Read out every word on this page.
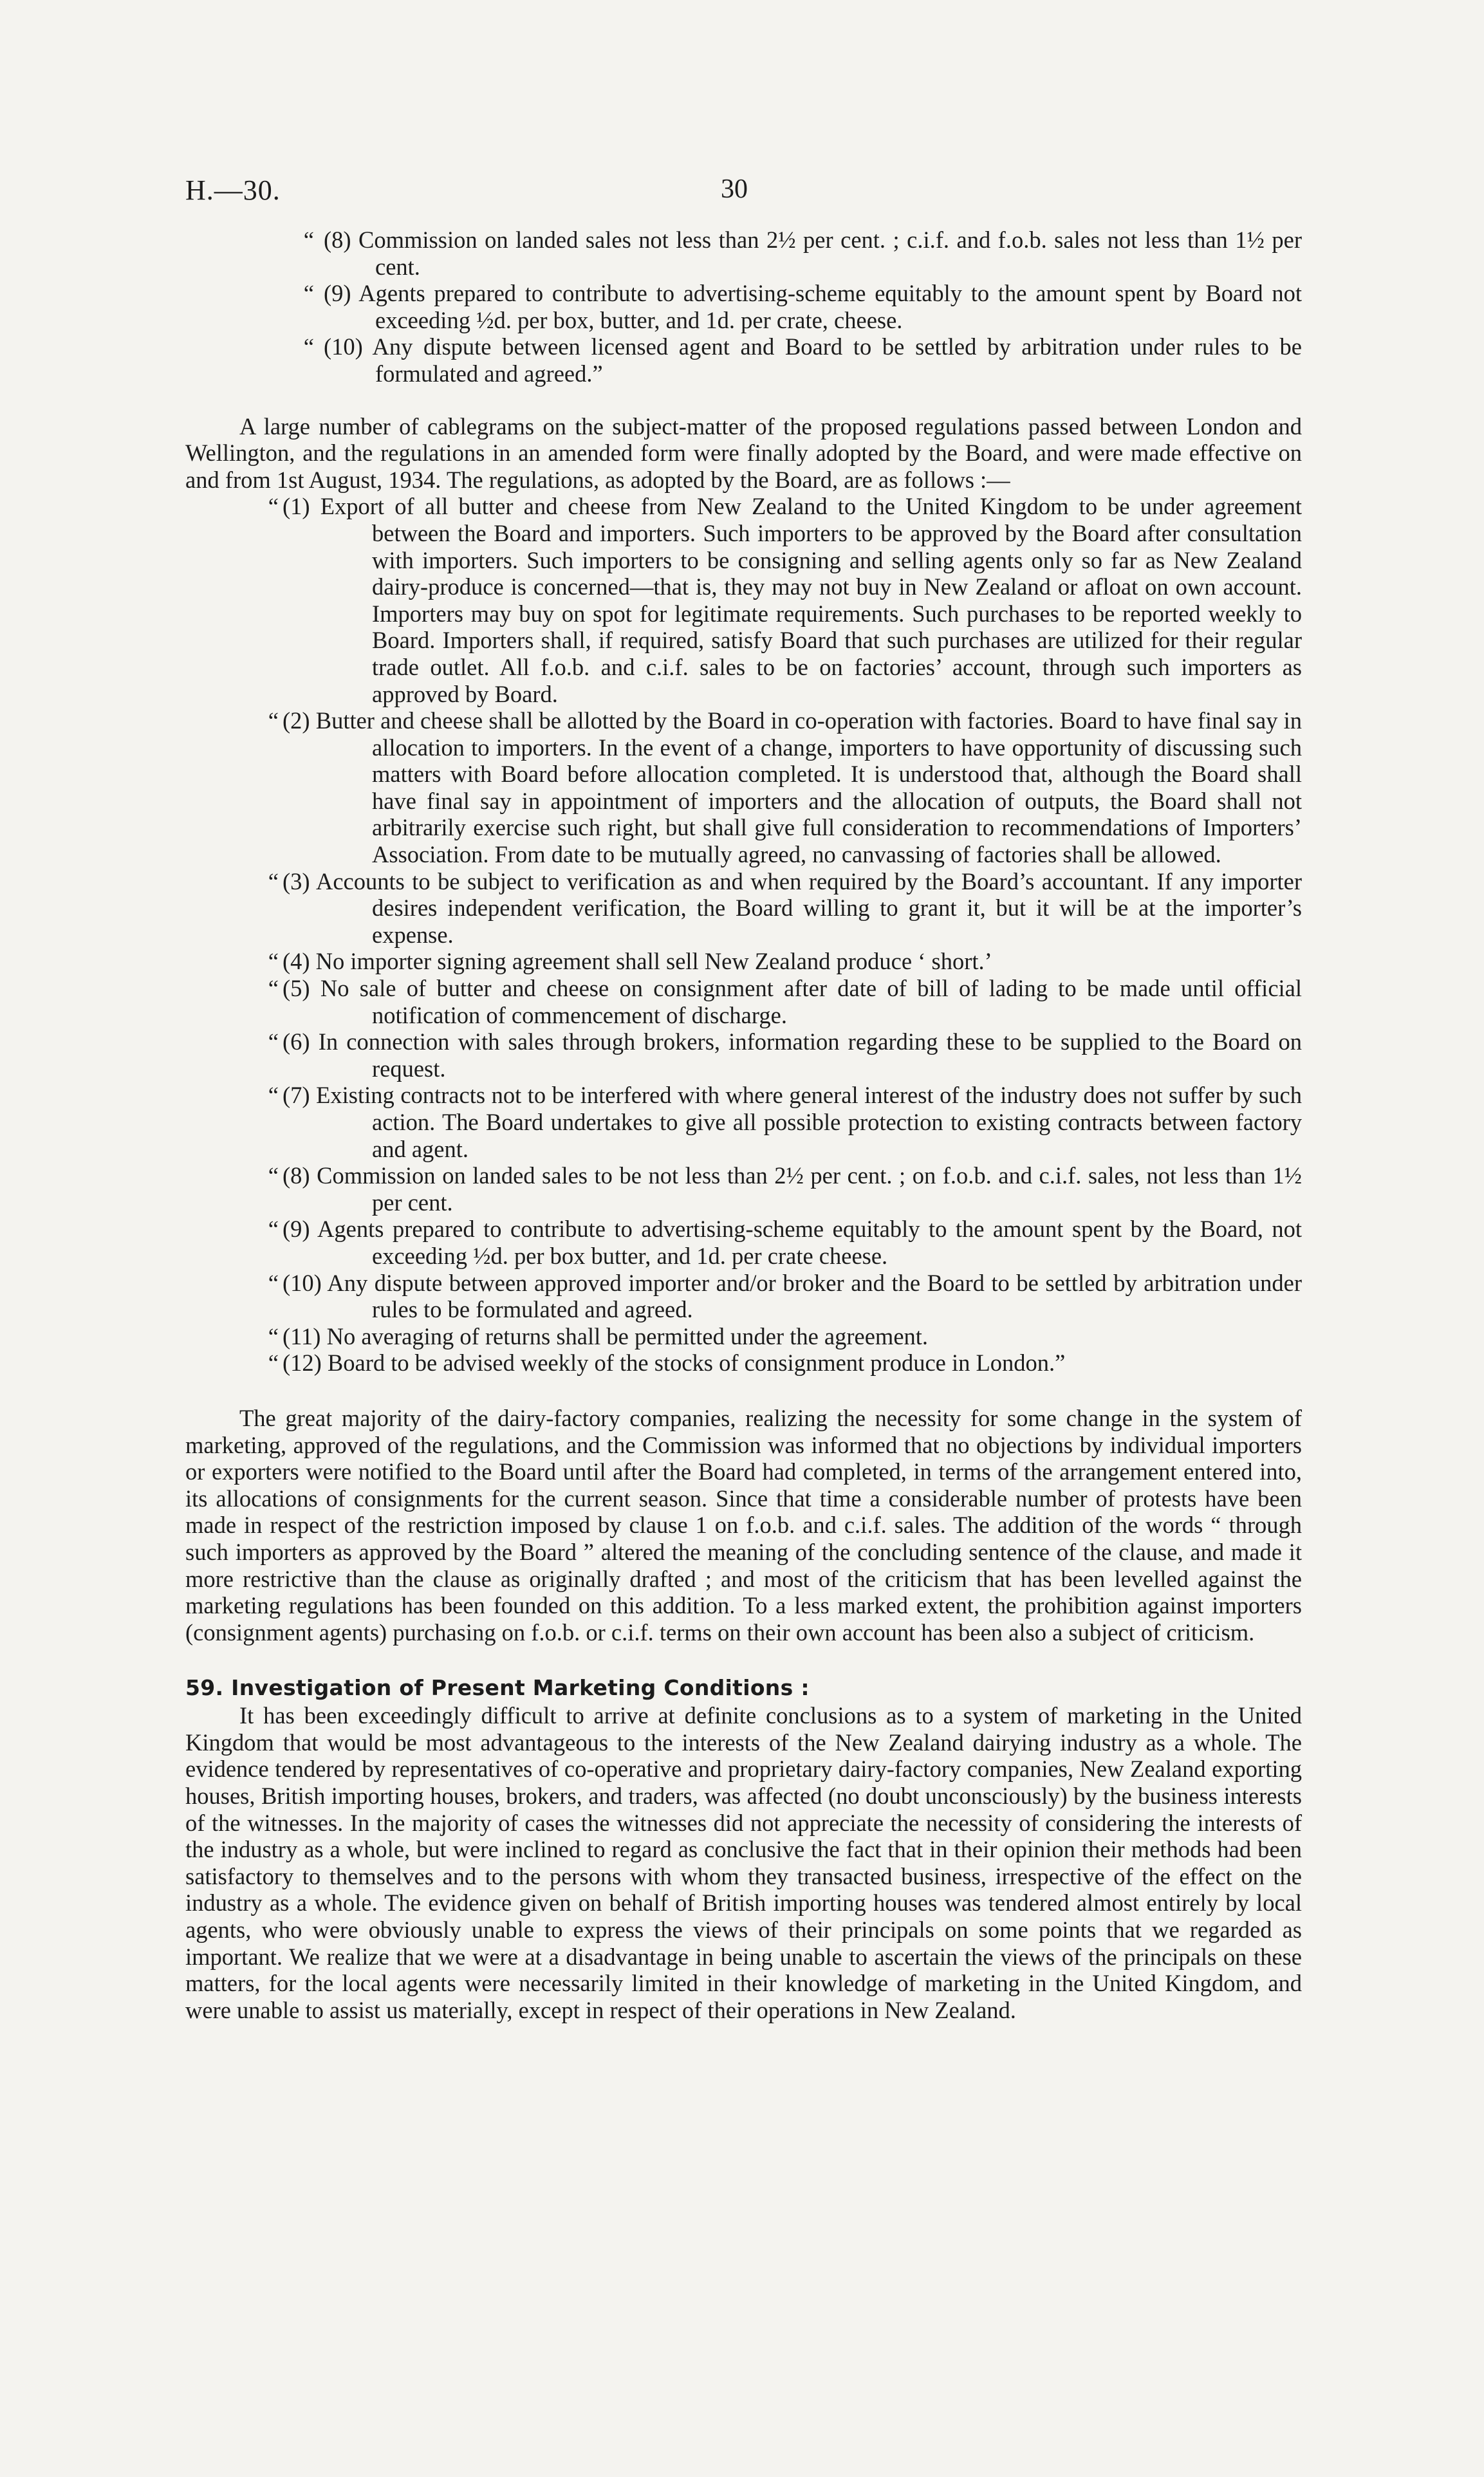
H.—30.	30
“ (8) Commission on landed sales not less than 2½ per cent. ; c.i.f. and f.o.b. sales not less than 1½ per cent.
“ (9) Agents prepared to contribute to advertising-scheme equitably to the amount spent by Board not exceeding ½d. per box, butter, and 1d. per crate, cheese.
“ (10) Any dispute between licensed agent and Board to be settled by arbitration under rules to be formulated and agreed.”

A large number of cablegrams on the subject-matter of the proposed regulations passed between London and Wellington, and the regulations in an amended form were finally adopted by the Board, and were made effective on and from 1st August, 1934. The regulations, as adopted by the Board, are as follows :—

“ (1) Export of all butter and cheese from New Zealand to the United Kingdom to be under agreement between the Board and importers. Such importers to be approved by the Board after consultation with importers. Such importers to be consigning and selling agents only so far as New Zealand dairy-produce is concerned—that is, they may not buy in New Zealand or afloat on own account. Importers may buy on spot for legitimate requirements. Such purchases to be reported weekly to Board. Importers shall, if required, satisfy Board that such purchases are utilized for their regular trade outlet. All f.o.b. and c.i.f. sales to be on factories’ account, through such importers as approved by Board.
“ (2) Butter and cheese shall be allotted by the Board in co-operation with factories. Board to have final say in allocation to importers. In the event of a change, importers to have opportunity of discussing such matters with Board before allocation completed. It is understood that, although the Board shall have final say in appointment of importers and the allocation of outputs, the Board shall not arbitrarily exercise such right, but shall give full consideration to recommendations of Importers’ Association. From date to be mutually agreed, no canvassing of factories shall be allowed.
“ (3) Accounts to be subject to verification as and when required by the Board’s accountant. If any importer desires independent verification, the Board willing to grant it, but it will be at the importer’s expense.
“ (4) No importer signing agreement shall sell New Zealand produce ‘ short.’
“ (5) No sale of butter and cheese on consignment after date of bill of lading to be made until official notification of commencement of discharge.
“ (6) In connection with sales through brokers, information regarding these to be supplied to the Board on request.
“ (7) Existing contracts not to be interfered with where general interest of the industry does not suffer by such action. The Board undertakes to give all possible protection to existing contracts between factory and agent.
“ (8) Commission on landed sales to be not less than 2½ per cent. ; on f.o.b. and c.i.f. sales, not less than 1½ per cent.
“ (9) Agents prepared to contribute to advertising-scheme equitably to the amount spent by the Board, not exceeding ½d. per box butter, and 1d. per crate cheese.
“ (10) Any dispute between approved importer and/or broker and the Board to be settled by arbitration under rules to be formulated and agreed.
“ (11) No averaging of returns shall be permitted under the agreement.
“ (12) Board to be advised weekly of the stocks of consignment produce in London.”

The great majority of the dairy-factory companies, realizing the necessity for some change in the system of marketing, approved of the regulations, and the Commission was informed that no objections by individual importers or exporters were notified to the Board until after the Board had completed, in terms of the arrangement entered into, its allocations of consignments for the current season. Since that time a considerable number of protests have been made in respect of the restriction imposed by clause 1 on f.o.b. and c.i.f. sales. The addition of the words “ through such importers as approved by the Board ” altered the meaning of the concluding sentence of the clause, and made it more restrictive than the clause as originally drafted ; and most of the criticism that has been levelled against the marketing regulations has been founded on this addition. To a less marked extent, the prohibition against importers (consignment agents) purchasing on f.o.b. or c.i.f. terms on their own account has been also a subject of criticism.

59. Investigation of Present Marketing Conditions :

It has been exceedingly difficult to arrive at definite conclusions as to a system of marketing in the United Kingdom that would be most advantageous to the interests of the New Zealand dairying industry as a whole. The evidence tendered by representatives of co-operative and proprietary dairy-factory companies, New Zealand exporting houses, British importing houses, brokers, and traders, was affected (no doubt unconsciously) by the business interests of the witnesses. In the majority of cases the witnesses did not appreciate the necessity of considering the interests of the industry as a whole, but were inclined to regard as conclusive the fact that in their opinion their methods had been satisfactory to themselves and to the persons with whom they transacted business, irrespective of the effect on the industry as a whole. The evidence given on behalf of British importing houses was tendered almost entirely by local agents, who were obviously unable to express the views of their principals on some points that we regarded as important. We realize that we were at a disadvantage in being unable to ascertain the views of the principals on these matters, for the local agents were necessarily limited in their knowledge of marketing in the United Kingdom, and were unable to assist us materially, except in respect of their operations in New Zealand.
